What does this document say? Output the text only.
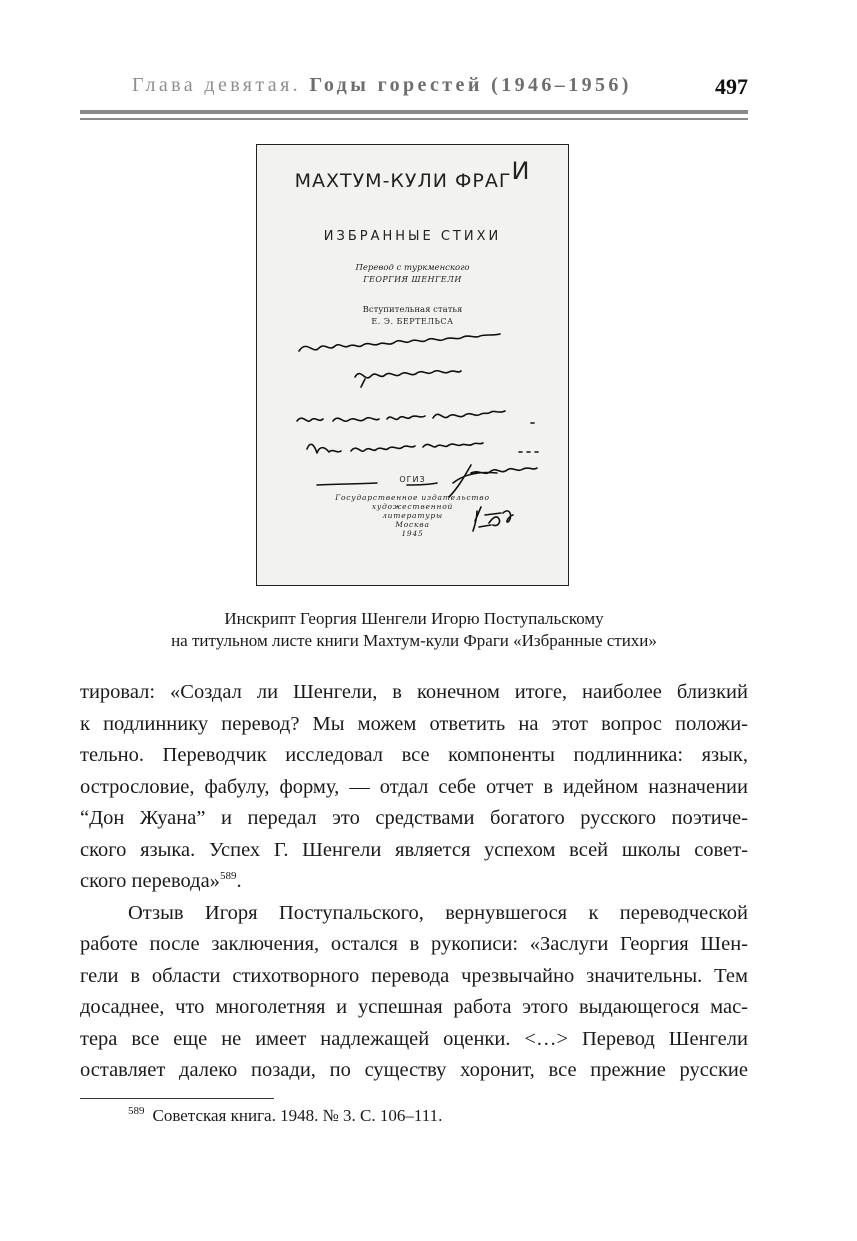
Глава девятая. Годы горестей (1946–1956)	497
МАХТУМ-КУЛИ ФРАГИ
ИЗБРАННЫЕ СТИХИ
Перевод с туркменского
ГЕОРГИЯ ШЕНГЕЛИ
Вступительная статья
Е. Э. БЕРТЕЛЬСА
ОГИЗ
Государственное издательство
художественной
литературы
Москва
1945
Инскрипт Георгия Шенгели Игорю Поступальскому
на титульном листе книги Махтум-кули Фраги «Избранные стихи»
тировал: «Создал ли Шенгели, в конечном итоге, наиболее близкий
к подлиннику перевод? Мы можем ответить на этот вопрос положи-
тельно. Переводчик исследовал все компоненты подлинника: язык,
острословие, фабулу, форму, — отдал себе отчет в идейном назначении
“Дон Жуана” и передал это средствами богатого русского поэтиче-
ского языка. Успех Г. Шенгели является успехом всей школы совет-
ского перевода»$^{589}$.
Отзыв Игоря Поступальского, вернувшегося к переводческой
работе после заключения, остался в рукописи: «Заслуги Георгия Шен-
гели в области стихотворного перевода чрезвычайно значительны. Тем
досаднее, что многолетняя и успешная работа этого выдающегося мас-
тера все еще не имеет надлежащей оценки. <…> Перевод Шенгели
оставляет далеко позади, по существу хоронит, все прежние русские
$^{589}$ Советская книга. 1948. № 3. С. 106–111.
